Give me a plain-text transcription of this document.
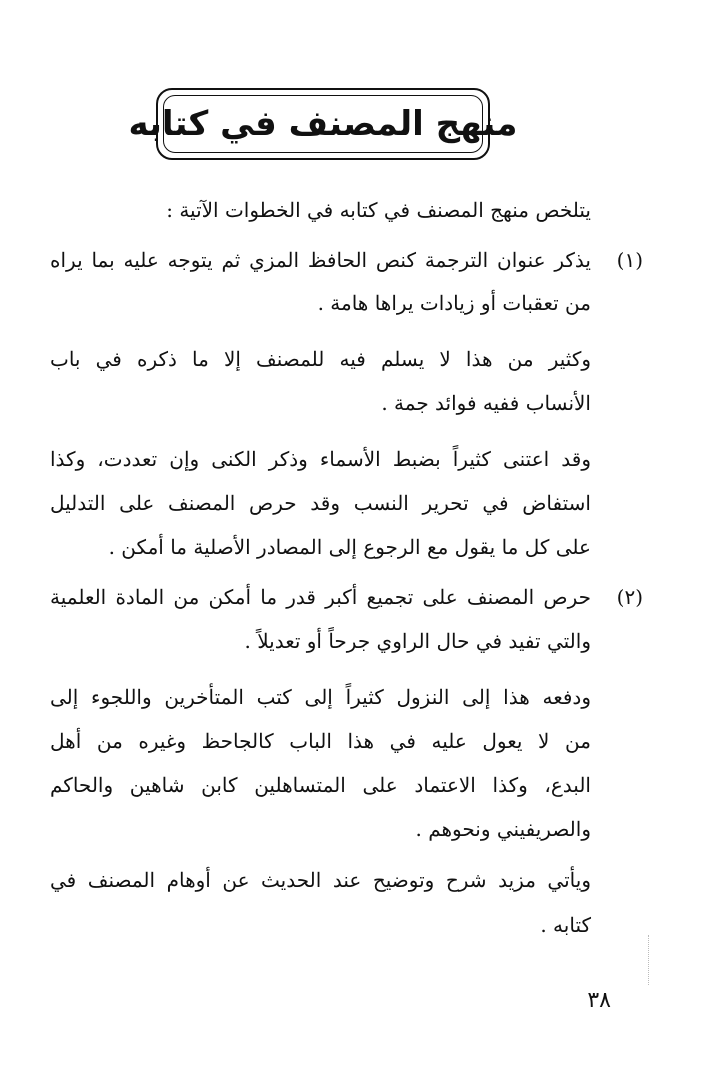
منهج المصنف في كتابه
يتلخص منهج المصنف في كتابه في الخطوات الآتية :
(١)
يذكر عنوان الترجمة كنص الحافظ المزي ثم يتوجه عليه بما يراه
من تعقبات أو زيادات يراها هامة .
وكثير من هذا لا يسلم فيه للمصنف إلا ما ذكره في باب
الأنساب ففيه فوائد جمة .
وقد اعتنى كثيراً بضبط الأسماء وذكر الكنى وإن تعددت، وكذا
استفاض في تحرير النسب وقد حرص المصنف على التدليل
على كل ما يقول مع الرجوع إلى المصادر الأصلية ما أمكن .
(٢)
حرص المصنف على تجميع أكبر قدر ما أمكن من المادة العلمية
والتي تفيد في حال الراوي جرحاً أو تعديلاً .
ودفعه هذا إلى النزول كثيراً إلى كتب المتأخرين واللجوء إلى
من لا يعول عليه في هذا الباب كالجاحظ وغيره من أهل
البدع، وكذا الاعتماد على المتساهلين كابن شاهين والحاكم
والصريفيني ونحوهم .
ويأتي مزيد شرح وتوضيح عند الحديث عن أوهام المصنف في
كتابه .
٣٨
